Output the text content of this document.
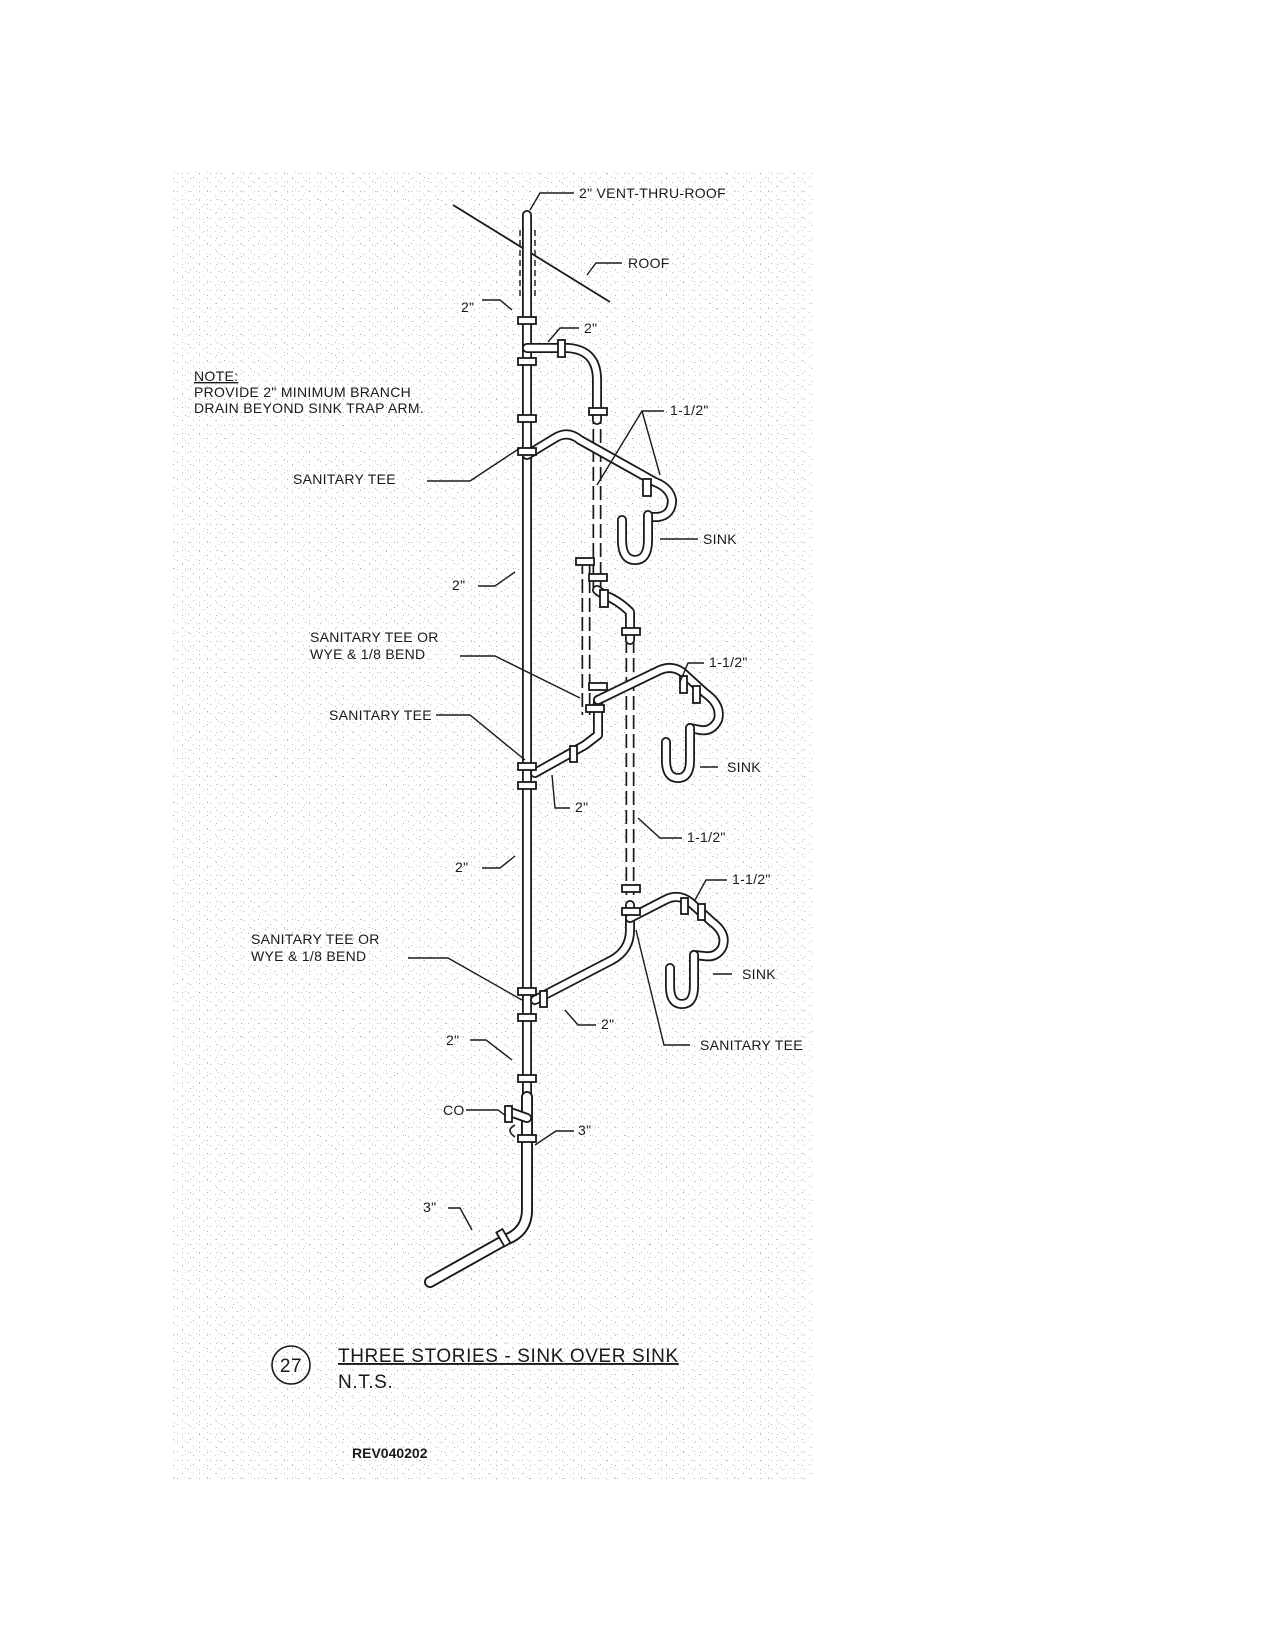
2" VENT-THRU-ROOF
ROOF
2"
2"
NOTE:
PROVIDE 2" MINIMUM BRANCH
DRAIN BEYOND SINK TRAP ARM.	1-1/2"
SANITARY TEE
SINK
2"
SANITARY TEE OR
WYE & 1/8 BEND	1-1/2"
SANITARY TEE
SINK
2"
1-1/2"
2"
1-1/2"
SANITARY TEE OR
WYE & 1/8 BEND
SINK
2"
2"	SANITARY TEE
CO
3"
3"
27 THREE STORIES - SINK OVER SINK
N.T.S.
REV040202
